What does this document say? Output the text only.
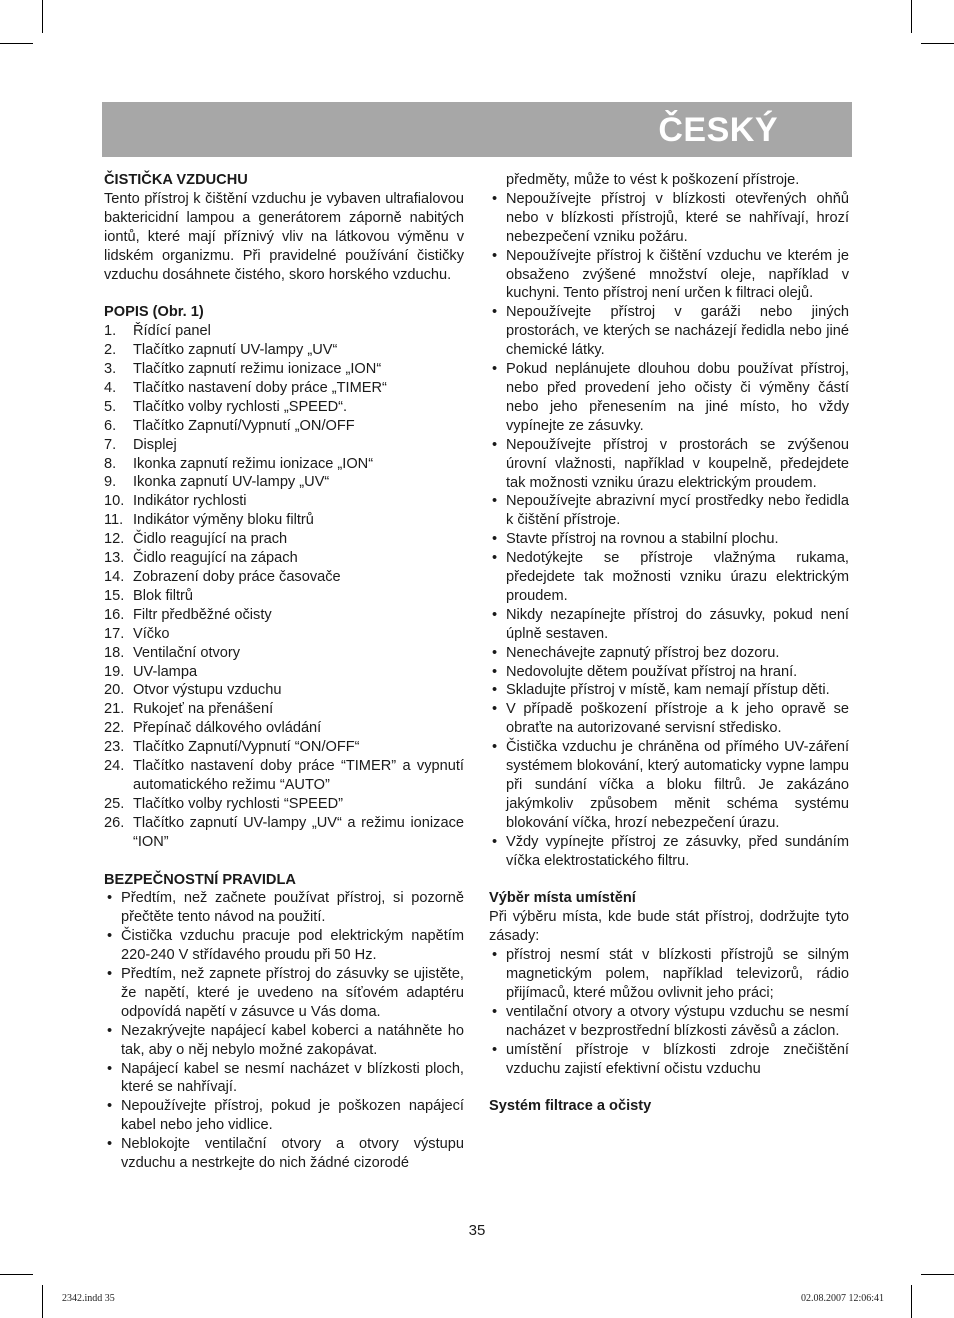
ČESKÝ

ČISTIČKA VZDUCHU

Tento přístroj k čištění vzduchu je vybaven ultrafialovou baktericidní lampou a generátorem záporně nabitých iontů, které mají příznivý vliv na látkovou výměnu v lidském organizmu. Při pravidelné používání čističky vzduchu dosáhnete čistého, skoro horského vzduchu.

POPIS (Obr. 1)

1. Řídící panel
2. Tlačítko zapnutí UV-lampy „UV“
3. Tlačítko zapnutí režimu ionizace „ION“
4. Tlačítko nastavení doby práce „TIMER“
5. Tlačítko volby rychlosti „SPEED“.
6. Tlačítko Zapnutí/Vypnutí „ON/OFF
7. Displej
8. Ikonka zapnutí režimu ionizace „ION“
9. Ikonka zapnutí UV-lampy „UV“
10. Indikátor rychlosti
11. Indikátor výměny bloku filtrů
12. Čidlo reagující na prach
13. Čidlo reagující na zápach
14. Zobrazení doby práce časovače
15. Blok filtrů
16. Filtr předběžné očisty
17. Víčko
18. Ventilační otvory
19. UV-lampa
20. Otvor výstupu vzduchu
21. Rukojeť na přenášení
22. Přepínač dálkového ovládání
23. Tlačítko Zapnutí/Vypnutí “ON/OFF“
24. Tlačítko nastavení doby práce “TIMER” a vypnutí automatického režimu “AUTO”
25. Tlačítko volby rychlosti “SPEED”
26. Tlačítko zapnutí UV-lampy „UV“ a režimu ionizace “ION”

BEZPEČNOSTNÍ PRAVIDLA

• Předtím, než začnete používat přístroj, si pozorně přečtěte tento návod na použití.
• Čistička vzduchu pracuje pod elektrickým napětím 220-240 V střídavého proudu při 50 Hz.
• Předtím, než zapnete přístroj do zásuvky se ujistěte, že napětí, které je uvedeno na síťovém adaptéru odpovídá napětí v zásuvce u Vás doma.
• Nezakrývejte napájecí kabel koberci a natáhněte ho tak, aby o něj nebylo možné zakopávat.
• Napájecí kabel se nesmí nacházet v blízkosti ploch, které se nahřívají.
• Nepoužívejte přístroj, pokud je poškozen napájecí kabel nebo jeho vidlice.
• Neblokojte ventilační otvory a otvory výstupu vzduchu a nestrkejte do nich žádné cizorodé

předměty, může to vést k poškození přístroje.

• Nepoužívejte přístroj v blízkosti otevřených ohňů nebo v blízkosti přístrojů, které se nahřívají, hrozí nebezpečení vzniku požáru.
• Nepoužívejte přístroj k čištění vzduchu ve kterém je obsaženo zvýšené množství oleje, například v kuchyni. Tento přístroj není určen k filtraci olejů.
• Nepoužívejte přístroj v garáži nebo jiných prostorách, ve kterých se nacházejí ředidla nebo jiné chemické látky.
• Pokud neplánujete dlouhou dobu používat přístroj, nebo před provedení jeho očisty či výměny částí nebo jeho přenesením na jiné místo, ho vždy vypínejte ze zásuvky.
• Nepoužívejte přístroj v prostorách se zvýšenou úrovní vlažnosti, například v koupelně, předejdete tak možnosti vzniku úrazu elektrickým proudem.
• Nepoužívejte abrazivní mycí prostředky nebo ředidla k čištění přístroje.
• Stavte přístroj na rovnou a stabilní plochu.
• Nedotýkejte se přístroje vlažnýma rukama, předejdete tak možnosti vzniku úrazu elektrickým proudem.
• Nikdy nezapínejte přístroj do zásuvky, pokud není úplně sestaven.
• Nenechávejte zapnutý přístroj bez dozoru.
• Nedovolujte dětem používat přístroj na hraní.
• Skladujte přístroj v místě, kam nemají přístup děti.
• V případě poškození přístroje a k jeho opravě se obraťte na autorizované servisní středisko.
• Čistička vzduchu je chráněna od přímého UV-záření systémem blokování, který automaticky vypne lampu při sundání víčka a bloku filtrů. Je zakázáno jakýmkoliv způsobem měnit schéma systému blokování víčka, hrozí nebezpečení úrazu.
• Vždy vypínejte přístroj ze zásuvky, před sundáním víčka elektrostatického filtru.

Výběr místa umístění

Při výběru místa, kde bude stát přístroj, dodržujte tyto zásady:

• přístroj nesmí stát v blízkosti přístrojů se silným magnetickým polem, například televizorů, rádio přijímaců, které můžou ovlivnit jeho práci;
• ventilační otvory a otvory výstupu vzduchu se nesmí nacházet v bezprostřední blízkosti závěsů a záclon.
• umístění přístroje v blízkosti zdroje znečištění vzduchu zajistí efektivní očistu vzduchu

Systém filtrace a očisty

35
2342.indd 35	02.08.2007 12:06:41
